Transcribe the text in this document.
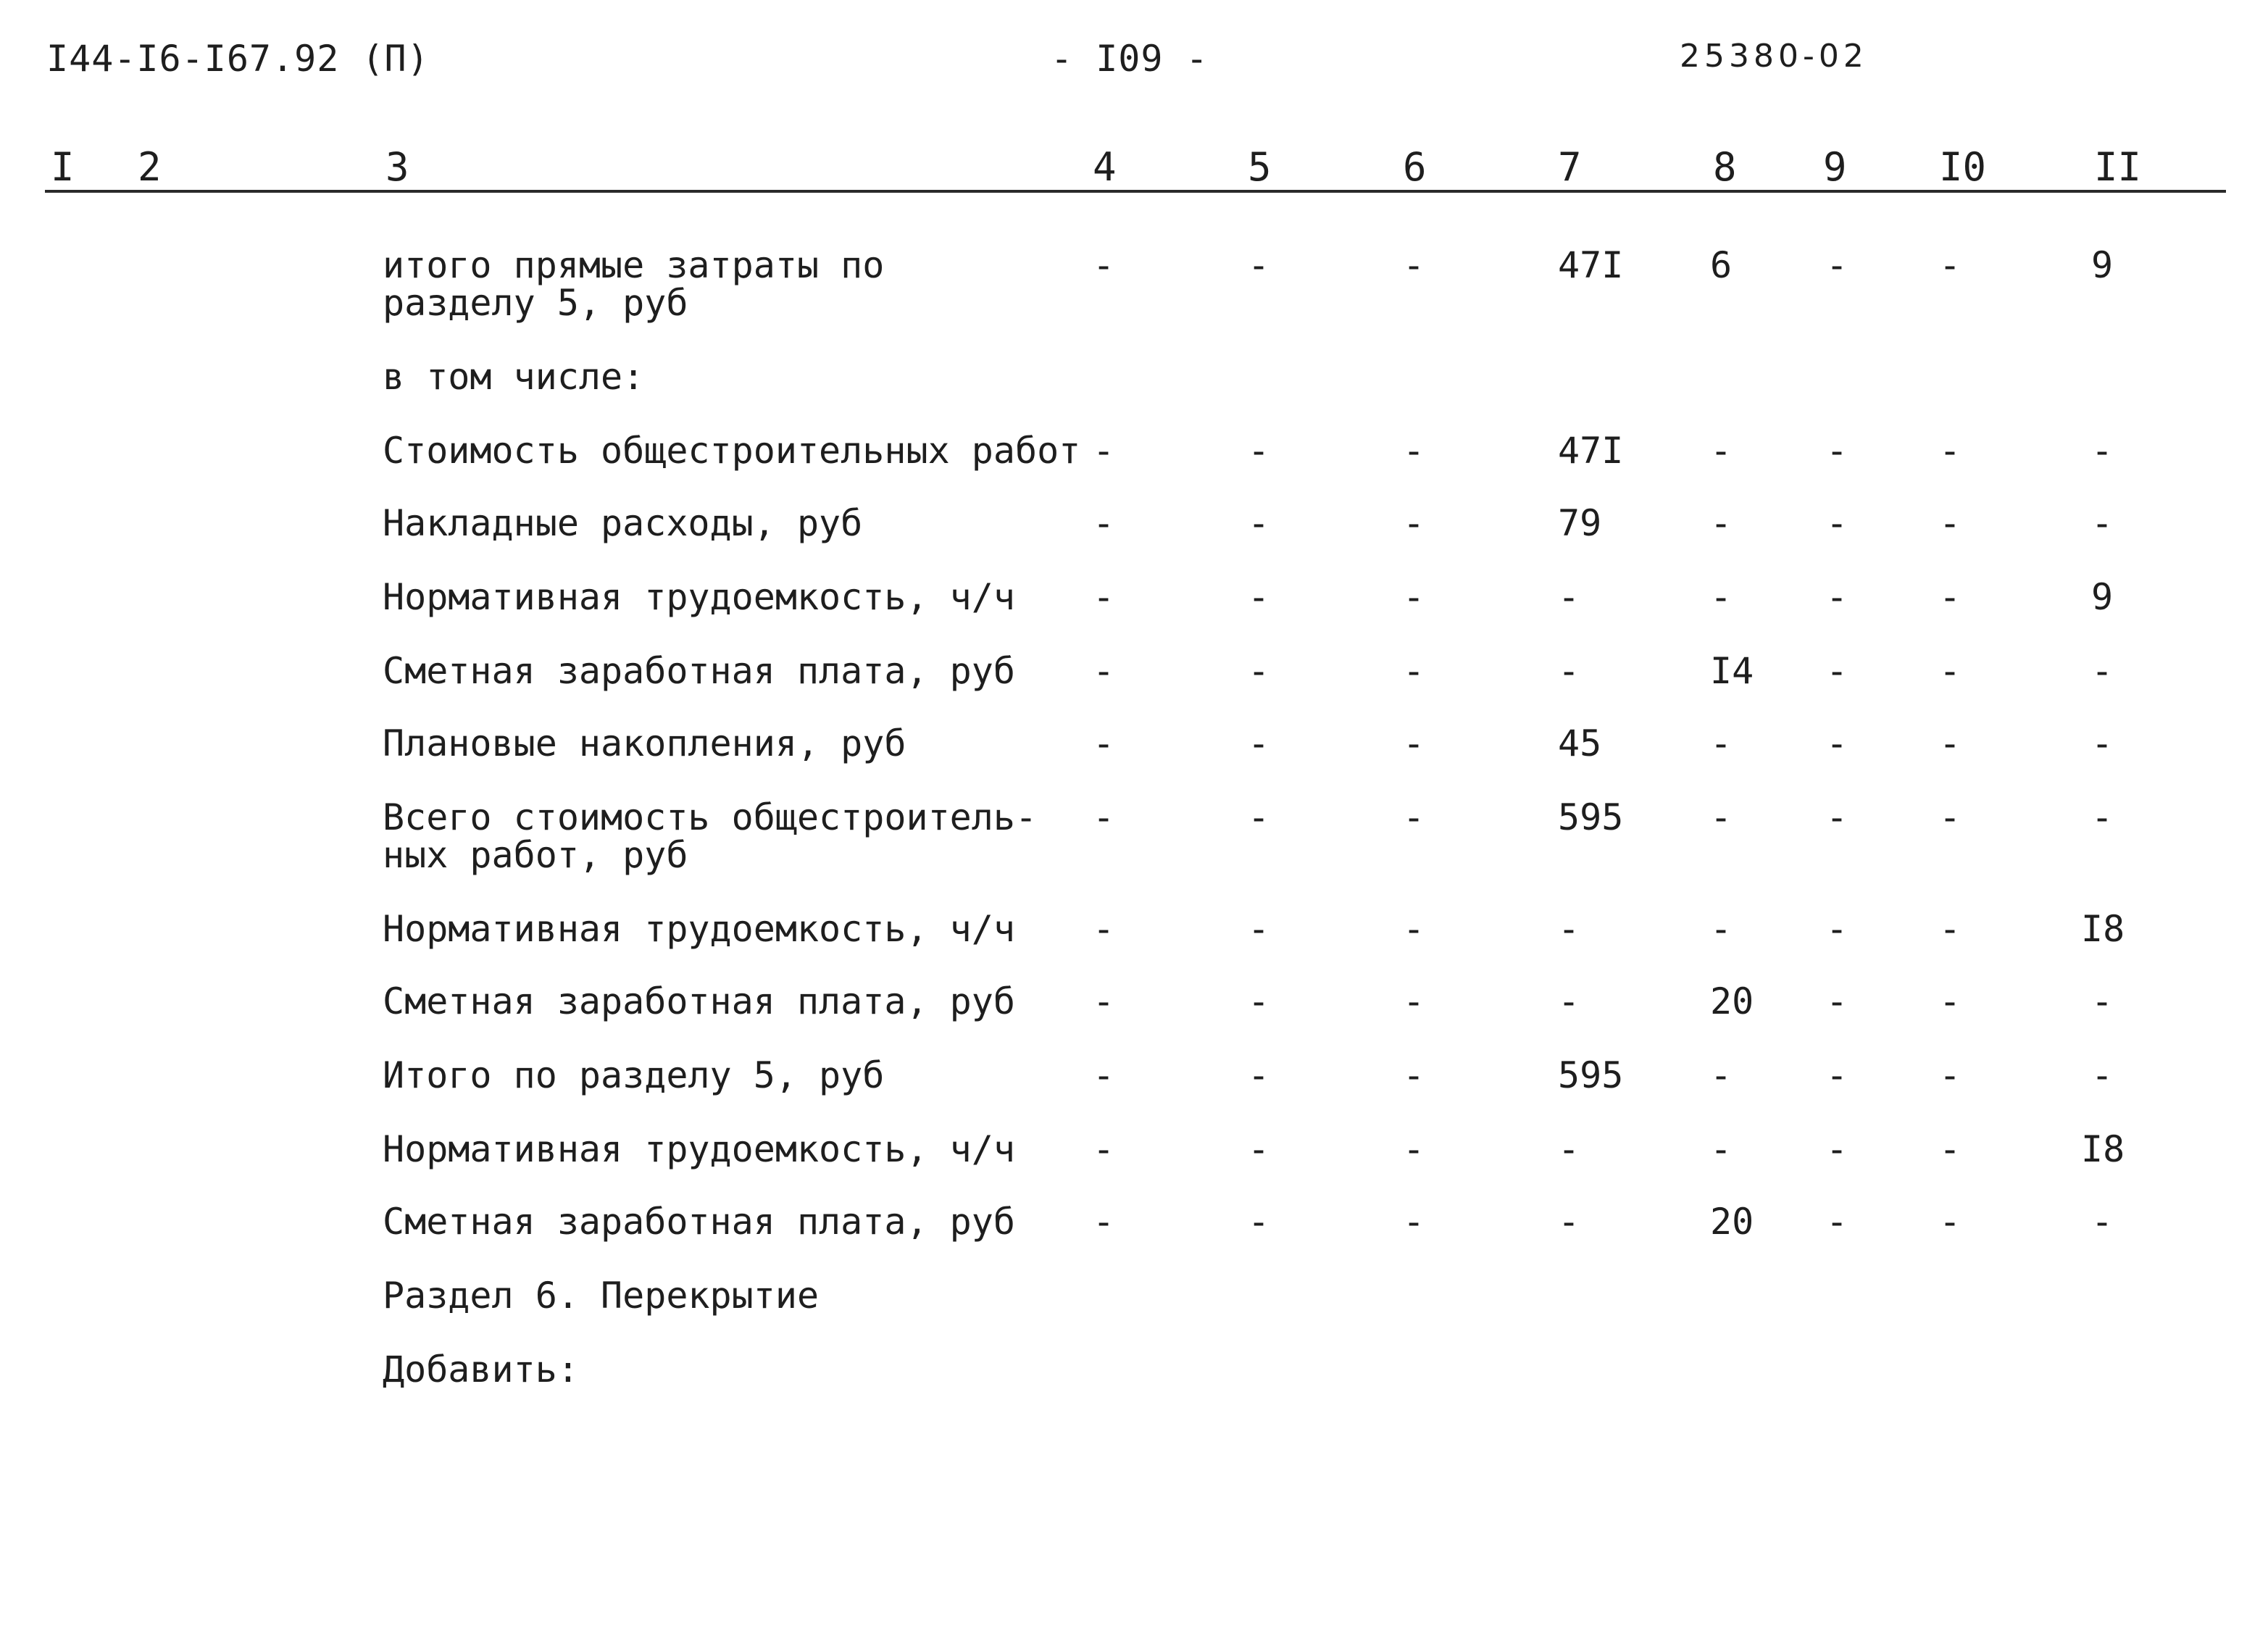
I44-I6-I67.92 (П)	- I09 -	25380-02
I 2	3	4	5	6	7	8 9 I0	II
итого прямые затраты по
разделу 5, руб
-	-	-	47I 6	-	-	9
в том числе:
Стоимость общестроительных работ -	-	-	47I -	-	-	-
Накладные расходы, руб	-	-	-	79	-	-	-	-
Нормативная трудоемкость, ч/ч	-	-	-	-	-	-	-	9
Сметная заработная плата, руб	-	-	-	-	I4 -	-	-
Плановые накопления, руб	-	-	-	45	-	-	-	-
Всего стоимость общестроитель-
ных работ, руб
-	-	-	595 -	-	-	-
Нормативная трудоемкость, ч/ч	-	-	-	-	-	-	-	I8
Сметная заработная плата, руб	-	-	-	-	20 -	-	-
Итого по разделу 5, руб	-	-	-	595 -	-	-	-
Нормативная трудоемкость, ч/ч	-	-	-	-	-	-	-	I8
Сметная заработная плата, руб	-	-	-	-	20 -	-	-
Раздел 6. Перекрытие
Добавить:
